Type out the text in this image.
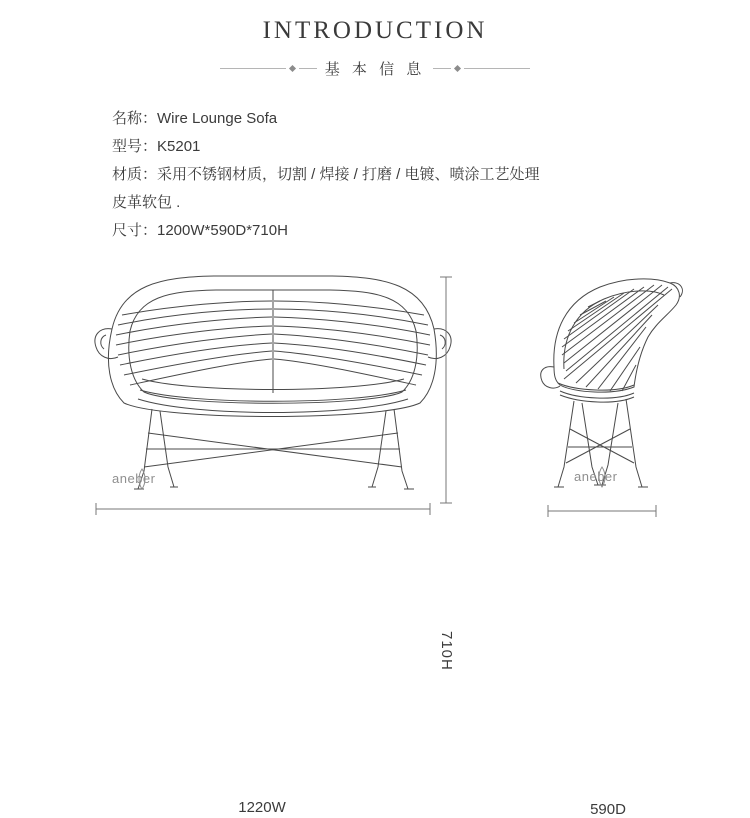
INTRODUCTION
基 本 信 息
名称：Wire Lounge Sofa
型号：K5201
材质：采用不锈钢材质，切割 / 焊接 / 打磨 / 电镀、喷涂工艺处理
皮革软包 .
尺寸：1200W*590D*710H
aneber	aneber
710H
1220W	590D
